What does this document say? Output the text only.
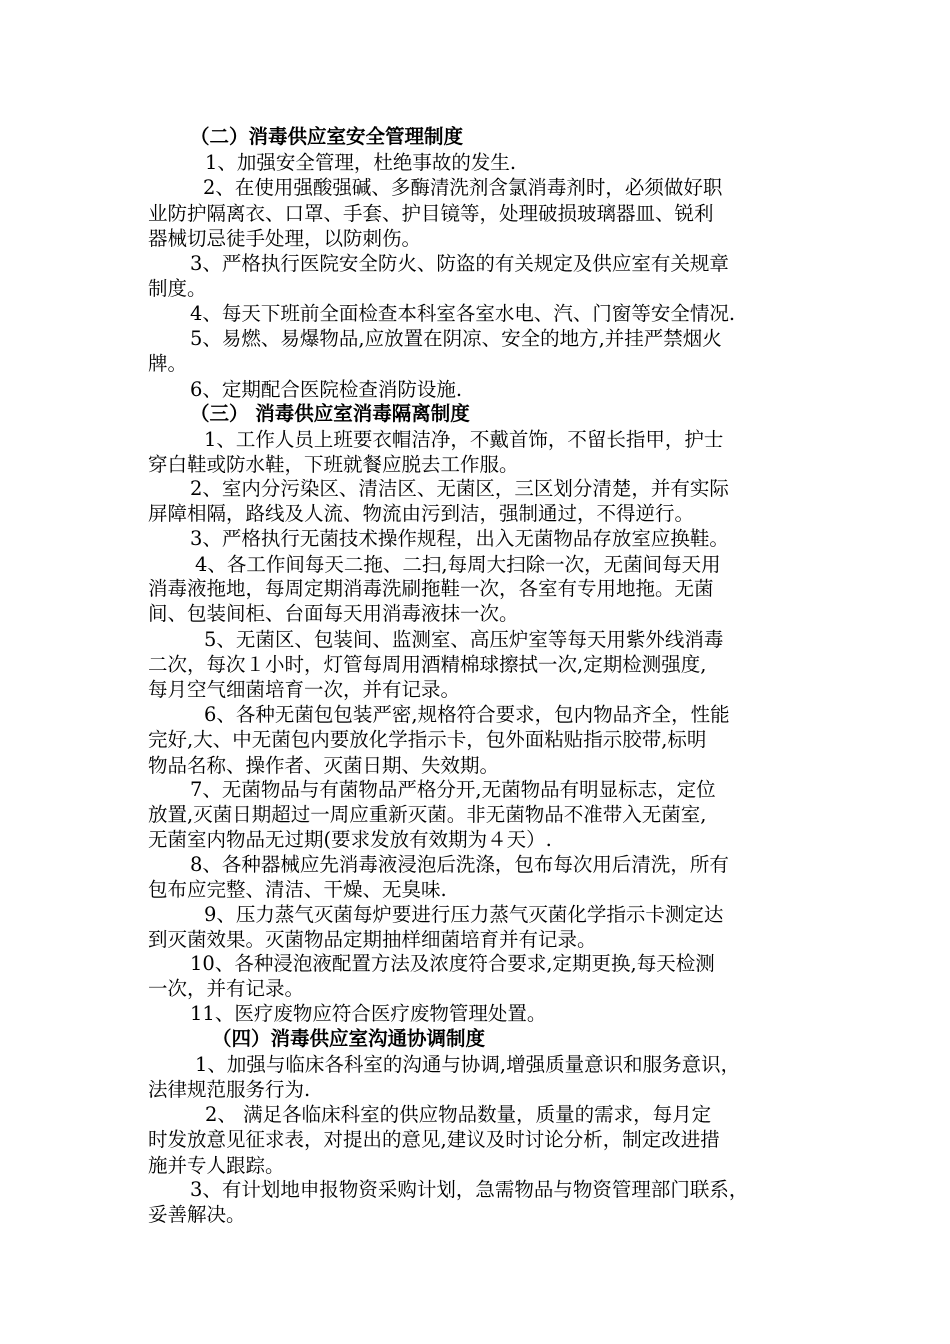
（二）消毒供应室安全管理制度
1、加强安全管理，杜绝事故的发生.
2、在使用强酸强碱、多酶清洗剂含氯消毒剂时，必须做好职
业防护隔离衣、口罩、手套、护目镜等，处理破损玻璃器皿、锐利
器械切忌徒手处理，以防刺伤。
3、严格执行医院安全防火、防盗的有关规定及供应室有关规章
制度。
4、每天下班前全面检查本科室各室水电、汽、门窗等安全情况.
5、易燃、易爆物品,应放置在阴凉、安全的地方,并挂严禁烟火
牌。
6、定期配合医院检查消防设施.
（三） 消毒供应室消毒隔离制度
1、工作人员上班要衣帽洁净，不戴首饰，不留长指甲，护士
穿白鞋或防水鞋，下班就餐应脱去工作服。
2、室内分污染区、清洁区、无菌区，三区划分清楚，并有实际
屏障相隔，路线及人流、物流由污到洁，强制通过，不得逆行。
3、严格执行无菌技术操作规程，出入无菌物品存放室应换鞋。
4、各工作间每天二拖、二扫,每周大扫除一次，无菌间每天用
消毒液拖地，每周定期消毒洗刷拖鞋一次，各室有专用地拖。无菌
间、包装间柜、台面每天用消毒液抹一次。
5、无菌区、包装间、监测室、高压炉室等每天用紫外线消毒
二次，每次１小时，灯管每周用酒精棉球擦拭一次,定期检测强度,
每月空气细菌培育一次，并有记录。
6、各种无菌包包装严密,规格符合要求，包内物品齐全，性能
完好,大、中无菌包内要放化学指示卡，包外面粘贴指示胶带,标明
物品名称、操作者、灭菌日期、失效期。
7、无菌物品与有菌物品严格分开,无菌物品有明显标志，定位
放置,灭菌日期超过一周应重新灭菌。非无菌物品不准带入无菌室,
无菌室内物品无过期(要求发放有效期为４天）.
8、各种器械应先消毒液浸泡后洗涤，包布每次用后清洗，所有
包布应完整、清洁、干燥、无臭味.
9、压力蒸气灭菌每炉要进行压力蒸气灭菌化学指示卡测定达
到灭菌效果。灭菌物品定期抽样细菌培育并有记录。
10、各种浸泡液配置方法及浓度符合要求,定期更换,每天检测
一次，并有记录。
11、医疗废物应符合医疗废物管理处置。
（四）消毒供应室沟通协调制度
1、加强与临床各科室的沟通与协调,增强质量意识和服务意识，
法律规范服务行为.
2、 满足各临床科室的供应物品数量，质量的需求，每月定
时发放意见征求表，对提出的意见,建议及时讨论分析，制定改进措
施并专人跟踪。
3、有计划地申报物资采购计划，急需物品与物资管理部门联系，
妥善解决。
